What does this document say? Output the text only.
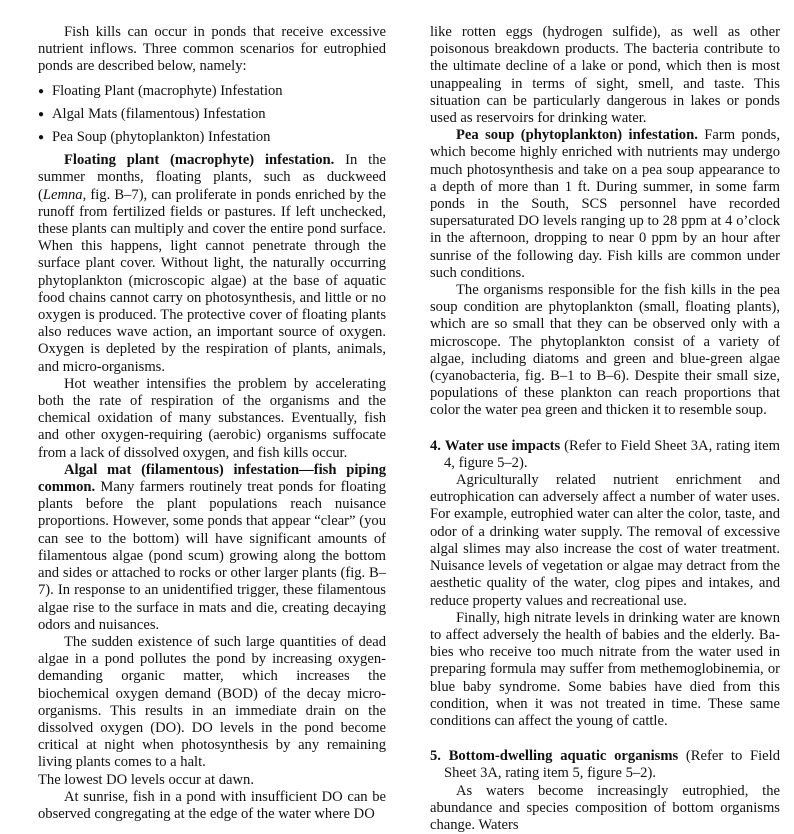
Fish kills can occur in ponds that receive excessive nutrient inflows. Three common scenarios for eutrophied ponds are described below, namely:

● Floating Plant (macrophyte) Infestation
● Algal Mats (filamentous) Infestation
● Pea Soup (phytoplankton) Infestation

Floating plant (macrophyte) infestation. In the summer months, floating plants, such as duckweed (Lemna, fig. B–7), can proliferate in ponds enriched by the runoff from fertilized fields or pastures. If left unchecked, these plants can multiply and cover the entire pond surface. When this happens, light cannot penetrate through the surface plant cover. Without light, the naturally occurring phytoplankton (microscopic algae) at the base of aquatic food chains cannot carry on photosynthesis, and little or no oxygen is produced. The protective cover of floating plants also reduces wave action, an important source of oxygen. Oxygen is depleted by the respiration of plants, animals, and micro-organisms.

Hot weather intensifies the problem by accelerating both the rate of respiration of the organisms and the chemical oxidation of many substances. Eventually, fish and other oxygen-requiring (aerobic) organisms suffocate from a lack of dissolved oxygen, and fish kills occur.

Algal mat (filamentous) infestation—fish piping common. Many farmers routinely treat ponds for floating plants before the plant populations reach nuisance proportions. However, some ponds that appear “clear” (you can see to the bottom) will have significant amounts of filamentous algae (pond scum) growing along the bottom and sides or attached to rocks or other larger plants (fig. B–7). In response to an unidentified trigger, these filamentous algae rise to the surface in mats and die, creating decaying odors and nuisances.

The sudden existence of such large quantities of dead algae in a pond pollutes the pond by increasing oxygen-demanding organic matter, which increases the biochemical oxygen demand (BOD) of the decay micro-organisms. This results in an immediate drain on the dissolved oxygen (DO). DO levels in the pond become critical at night when photosynthesis by any remaining living plants comes to a halt.

The lowest DO levels occur at dawn.

At sunrise, fish in a pond with insufficient DO can be observed congregating at the edge of the water where DO

like rotten eggs (hydrogen sulfide), as well as other poisonous breakdown products. The bacteria contribute to the ultimate decline of a lake or pond, which then is most unappealing in terms of sight, smell, and taste. This situation can be particularly dangerous in lakes or ponds used as reservoirs for drinking water.

Pea soup (phytoplankton) infestation. Farm ponds, which become highly enriched with nutrients may undergo much photosynthesis and take on a pea soup appearance to a depth of more than 1 ft. During summer, in some farm ponds in the South, SCS personnel have recorded supersaturated DO levels ranging up to 28 ppm at 4 o’clock in the afternoon, dropping to near 0 ppm by an hour after sunrise of the following day. Fish kills are common under such conditions.

The organisms responsible for the fish kills in the pea soup condition are phytoplankton (small, floating plants), which are so small that they can be observed only with a microscope. The phytoplankton consist of a variety of algae, including diatoms and green and blue-green algae (cyanobacteria, fig. B–1 to B–6). Despite their small size, populations of these plankton can reach proportions that color the water pea green and thicken it to resemble soup.

4. Water use impacts (Refer to Field Sheet 3A, rating item 4, figure 5–2).

Agriculturally related nutrient enrichment and eutrophication can adversely affect a number of water uses. For example, eutrophied water can alter the color, taste, and odor of a drinking water supply. The removal of excessive algal slimes may also increase the cost of water treatment. Nuisance levels of vegetation or algae may detract from the aesthetic quality of the water, clog pipes and intakes, and reduce property values and recreational use.

Finally, high nitrate levels in drinking water are known to affect adversely the health of babies and the elderly. Babies who receive too much nitrate from the water used in preparing formula may suffer from methemoglobinemia, or blue baby syndrome. Some babies have died from this condition, when it was not treated in time. These same conditions can affect the young of cattle.

5. Bottom-dwelling aquatic organisms (Refer to Field Sheet 3A, rating item 5, figure 5–2).

As waters become increasingly eutrophied, the abundance and species composition of bottom organisms change. Waters
